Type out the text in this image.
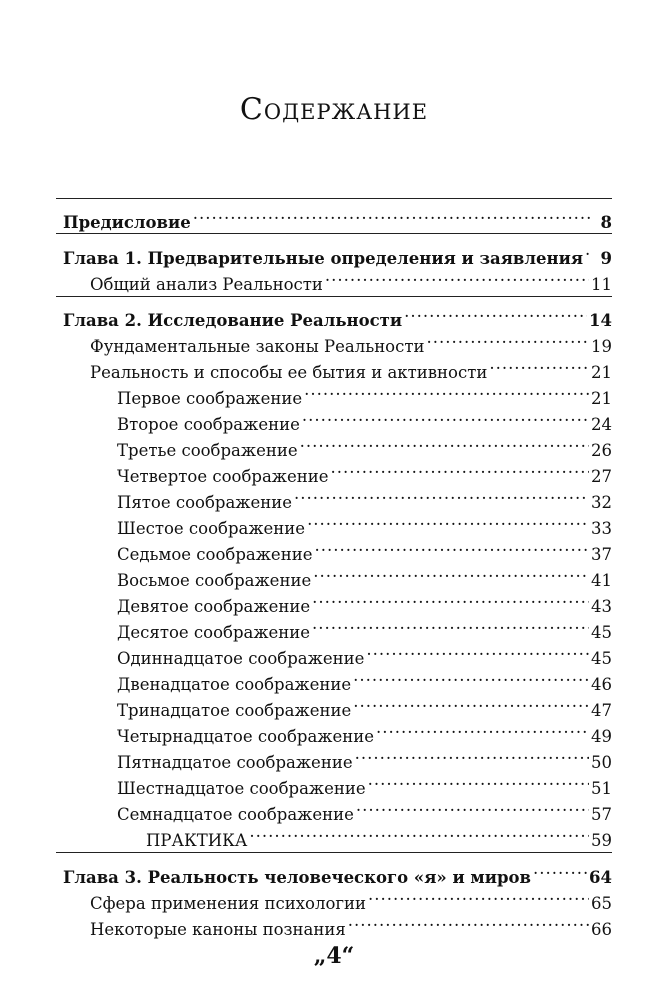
Содержание
Предисловие .....	8
Глава 1. Предварительные определения и заявления .....	9
Общий анализ Реальности .....	11
Глава 2. Исследование Реальности .....	14
Фундаментальные законы Реальности .....	19
Реальность и способы ее бытия и активности .....	21
Первое соображение .....	21
Второе соображение .....	24
Третье соображение .....	26
Четвертое соображение .....	27
Пятое соображение .....	32
Шестое соображение .....	33
Седьмое соображение .....	37
Восьмое соображение .....	41
Девятое соображение .....	43
Десятое соображение .....	45
Одиннадцатое соображение .....	45
Двенадцатое соображение .....	46
Тринадцатое соображение .....	47
Четырнадцатое соображение .....	49
Пятнадцатое соображение .....	50
Шестнадцатое соображение .....	51
Семнадцатое соображение .....	57
ПРАКТИКА .....	59
Глава 3. Реальность человеческого «я» и миров .....	64
Сфера применения психологии .....	65
Некоторые каноны познания .....	66
„4“
